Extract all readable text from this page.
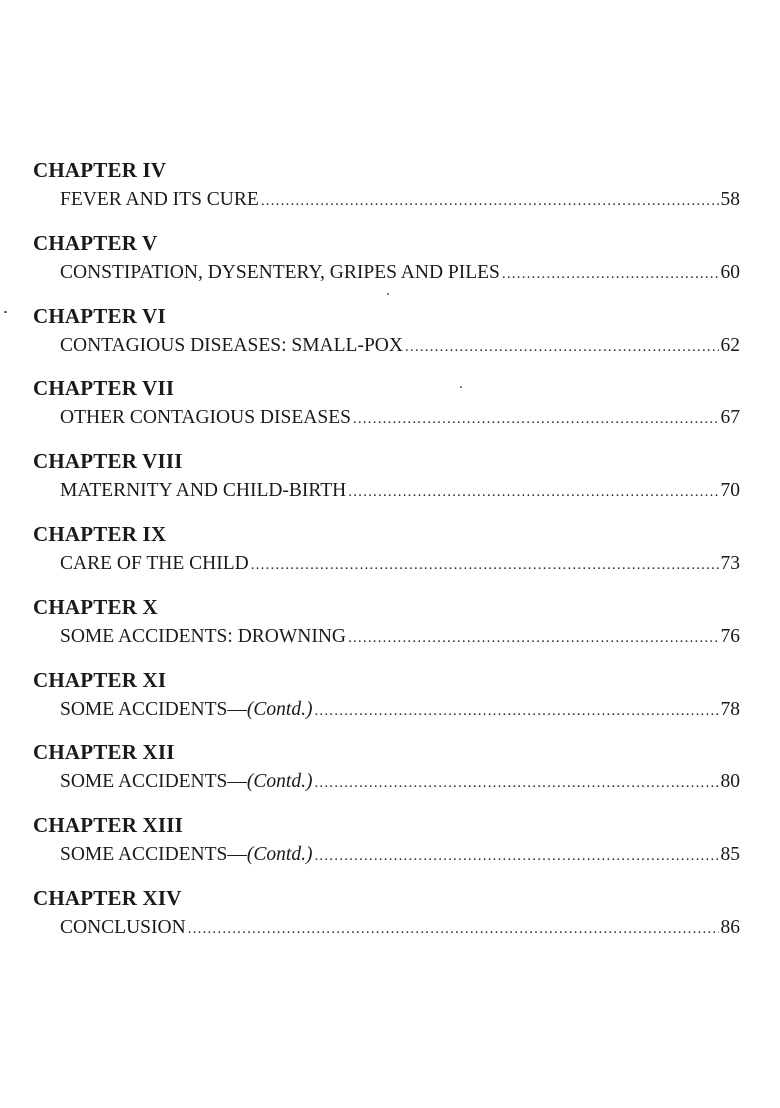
CHAPTER IV
FEVER AND ITS CURE .....	58
CHAPTER V
CONSTIPATION, DYSENTERY, GRIPES AND PILES .....	60
CHAPTER VI
CONTAGIOUS DISEASES: SMALL-POX .....	62
CHAPTER VII
OTHER CONTAGIOUS DISEASES .....	67
CHAPTER VIII
MATERNITY AND CHILD-BIRTH .....	70
CHAPTER IX
CARE OF THE CHILD .....	73
CHAPTER X
SOME ACCIDENTS: DROWNING .....	76
CHAPTER XI
SOME ACCIDENTS—(Contd.) .....	78
CHAPTER XII
SOME ACCIDENTS—(Contd.) .....	80
CHAPTER XIII
SOME ACCIDENTS—(Contd.) .....	85
CHAPTER XIV
CONCLUSION .....	86
